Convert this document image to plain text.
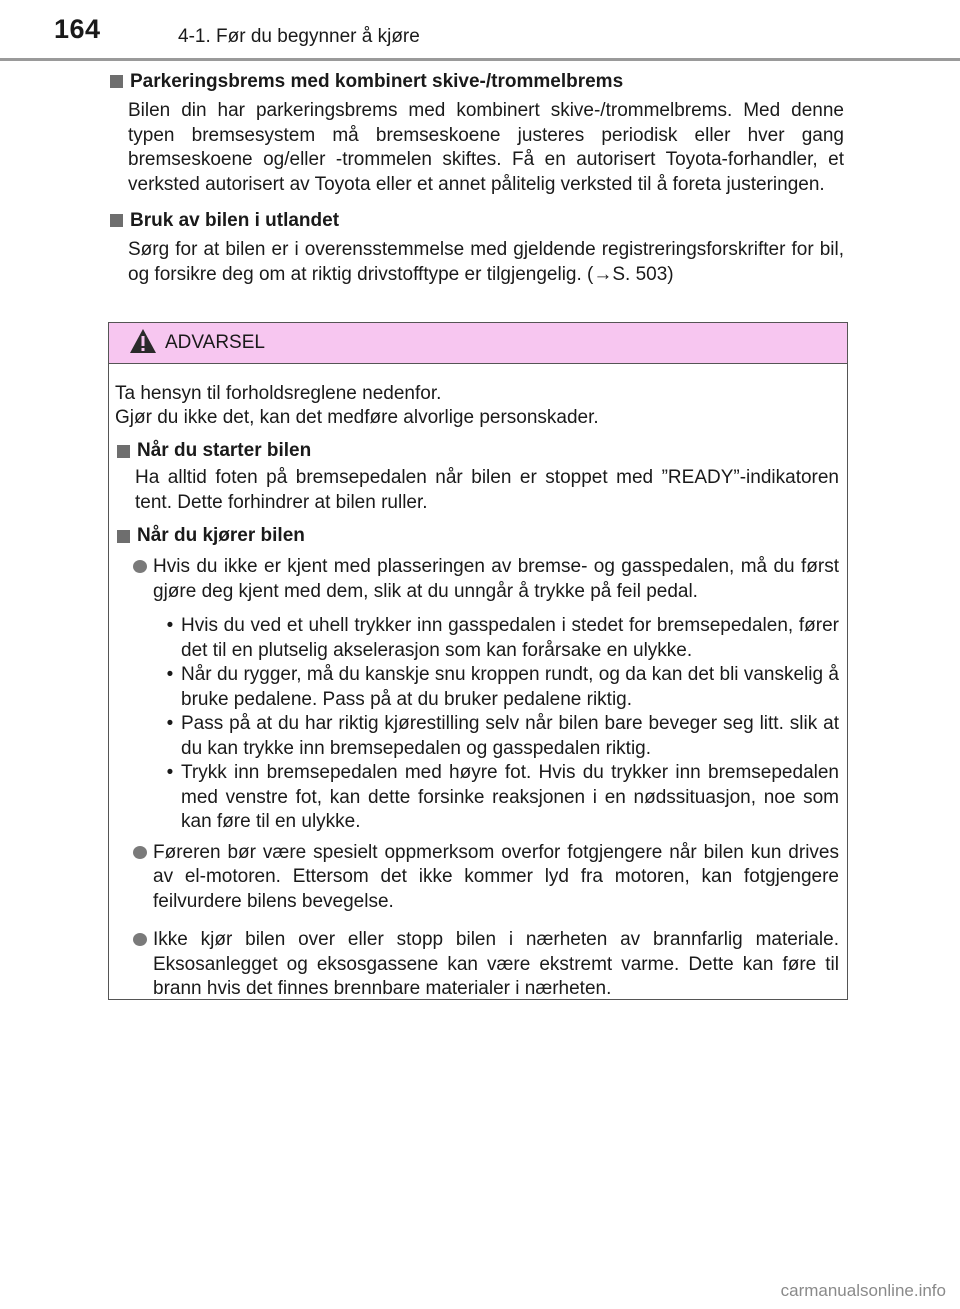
164	4-1. Før du begynner å kjøre
Parkeringsbrems med kombinert skive-/trommelbrems
Bilen din har parkeringsbrems med kombinert skive-/trommelbrems. Med denne typen bremsesystem må bremseskoene justeres periodisk eller hver gang bremseskoene og/eller -trommelen skiftes. Få en autorisert Toyota-forhandler, et verksted autorisert av Toyota eller et annet pålitelig verksted til å foreta justeringen.
Bruk av bilen i utlandet
Sørg for at bilen er i overensstemmelse med gjeldende registreringsforskrifter for bil, og forsikre deg om at riktig drivstofftype er tilgjengelig. (→S. 503)
ADVARSEL
Ta hensyn til forholdsreglene nedenfor.
Gjør du ikke det, kan det medføre alvorlige personskader.
Når du starter bilen
Ha alltid foten på bremsepedalen når bilen er stoppet med ”READY”-indikatoren tent. Dette forhindrer at bilen ruller.
Når du kjører bilen
Hvis du ikke er kjent med plasseringen av bremse- og gasspedalen, må du først gjøre deg kjent med dem, slik at du unngår å trykke på feil pedal.
• Hvis du ved et uhell trykker inn gasspedalen i stedet for bremsepedalen, fører det til en plutselig akselerasjon som kan forårsake en ulykke.
• Når du rygger, må du kanskje snu kroppen rundt, og da kan det bli vanskelig å bruke pedalene. Pass på at du bruker pedalene riktig.
• Pass på at du har riktig kjørestilling selv når bilen bare beveger seg litt. slik at du kan trykke inn bremsepedalen og gasspedalen riktig.
• Trykk inn bremsepedalen med høyre fot. Hvis du trykker inn bremsepedalen med venstre fot, kan dette forsinke reaksjonen i en nødssituasjon, noe som kan føre til en ulykke.
Føreren bør være spesielt oppmerksom overfor fotgjengere når bilen kun drives av el-motoren. Ettersom det ikke kommer lyd fra motoren, kan fotgjengere feilvurdere bilens bevegelse.
Ikke kjør bilen over eller stopp bilen i nærheten av brannfarlig materiale. Eksosanlegget og eksosgassene kan være ekstremt varme. Dette kan føre til brann hvis det finnes brennbare materialer i nærheten.
carmanualsonline.info
